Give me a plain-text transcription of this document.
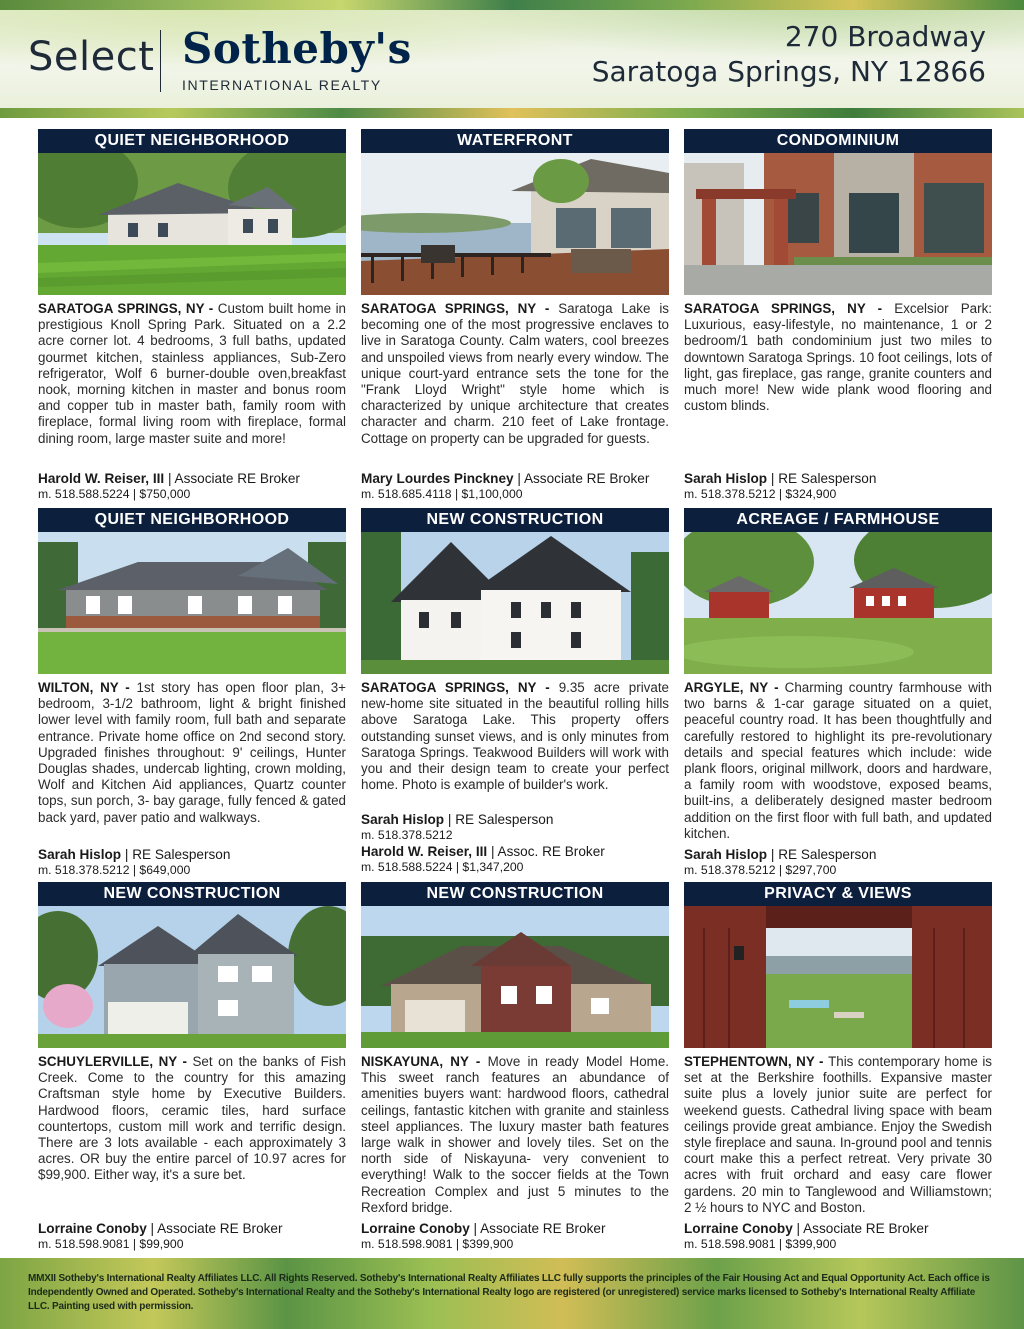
Select Sotheby's
INTERNATIONAL REALTY
270 Broadway
Saratoga Springs, NY 12866
QUIET NEIGHBORHOOD
SARATOGA SPRINGS, NY - Custom built home in prestigious Knoll Spring Park. Situated on a 2.2 acre corner lot. 4 bedrooms, 3 full baths, updated gourmet kitchen, stainless appliances, Sub-Zero refrigerator, Wolf 6 burner-double oven,breakfast nook, morning kitchen in master and bonus room and copper tub in master bath, family room with fireplace, formal living room with fireplace, formal dining room, large master suite and more!
Harold W. Reiser, III | Associate RE Broker
m. 518.588.5224 | $750,000
WATERFRONT
SARATOGA SPRINGS, NY - Saratoga Lake is becoming one of the most progressive enclaves to live in Saratoga County. Calm waters, cool breezes and unspoiled views from nearly every window. The unique court-yard entrance sets the tone for the "Frank Lloyd Wright" style home which is characterized by unique architecture that creates character and charm. 210 feet of Lake frontage. Cottage on property can be upgraded for guests.
Mary Lourdes Pinckney | Associate RE Broker
m. 518.685.4118 | $1,100,000
CONDOMINIUM
SARATOGA SPRINGS, NY - Excelsior Park: Luxurious, easy-lifestyle, no maintenance, 1 or 2 bedroom/1 bath condominium just two miles to downtown Saratoga Springs. 10 foot ceilings, lots of light, gas fireplace, gas range, granite counters and much more! New wide plank wood flooring and custom blinds.
Sarah Hislop | RE Salesperson
m. 518.378.5212 | $324,900
QUIET NEIGHBORHOOD
WILTON, NY - 1st story has open floor plan, 3+ bedroom, 3-1/2 bathroom, light & bright finished lower level with family room, full bath and separate entrance. Private home office on 2nd second story. Upgraded finishes throughout: 9' ceilings, Hunter Douglas shades, undercab lighting, crown molding, Wolf and Kitchen Aid appliances, Quartz counter tops, sun porch, 3- bay garage, fully fenced & gated back yard, paver patio and walkways.
Sarah Hislop | RE Salesperson
m. 518.378.5212 | $649,000
NEW CONSTRUCTION
SARATOGA SPRINGS, NY - 9.35 acre private new-home site situated in the beautiful rolling hills above Saratoga Lake. This property offers outstanding sunset views, and is only minutes from Saratoga Springs. Teakwood Builders will work with you and their design team to create your perfect home. Photo is example of builder's work.
Sarah Hislop | RE Salesperson
m. 518.378.5212
Harold W. Reiser, III | Assoc. RE Broker
m. 518.588.5224 | $1,347,200
ACREAGE / FARMHOUSE
ARGYLE, NY - Charming country farmhouse with two barns & 1-car garage situated on a quiet, peaceful country road. It has been thoughtfully and carefully restored to highlight its pre-revolutionary details and special features which include: wide plank floors, original millwork, doors and hardware, a family room with woodstove, exposed beams, built-ins, a deliberately designed master bedroom addition on the first floor with full bath, and updated kitchen.
Sarah Hislop | RE Salesperson
m. 518.378.5212 | $297,700
NEW CONSTRUCTION
SCHUYLERVILLE, NY - Set on the banks of Fish Creek. Come to the country for this amazing Craftsman style home by Executive Builders. Hardwood floors, ceramic tiles, hard surface countertops, custom mill work and terrific design. There are 3 lots available - each approximately 3 acres. OR buy the entire parcel of 10.97 acres for $99,900. Either way, it's a sure bet.
Lorraine Conoby | Associate RE Broker
m. 518.598.9081 | $99,900
NEW CONSTRUCTION
NISKAYUNA, NY - Move in ready Model Home. This sweet ranch features an abundance of amenities buyers want: hardwood floors, cathedral ceilings, fantastic kitchen with granite and stainless steel appliances. The luxury master bath features large walk in shower and lovely tiles. Set on the north side of Niskayuna- very convenient to everything! Walk to the soccer fields at the Town Recreation Complex and just 5 minutes to the Rexford bridge.
Lorraine Conoby | Associate RE Broker
m. 518.598.9081 | $399,900
PRIVACY & VIEWS
STEPHENTOWN, NY - This contemporary home is set at the Berkshire foothills. Expansive master suite plus a lovely junior suite are perfect for weekend guests. Cathedral living space with beam ceilings provide great ambiance. Enjoy the Swedish style fireplace and sauna. In-ground pool and tennis court make this a perfect retreat. Very private 30 acres with fruit orchard and easy care flower gardens. 20 min to Tanglewood and Williamstown; 2 ½ hours to NYC and Boston.
Lorraine Conoby | Associate RE Broker
m. 518.598.9081 | $399,900
MMXII Sotheby's International Realty Affiliates LLC. All Rights Reserved. Sotheby's International Realty Affiliates LLC fully supports the principles of the Fair Housing Act and Equal Opportunity Act. Each office is Independently Owned and Operated. Sotheby's International Realty and the Sotheby's International Realty logo are registered (or unregistered) service marks licensed to Sotheby's International Realty Affiliate LLC. Painting used with permission.
